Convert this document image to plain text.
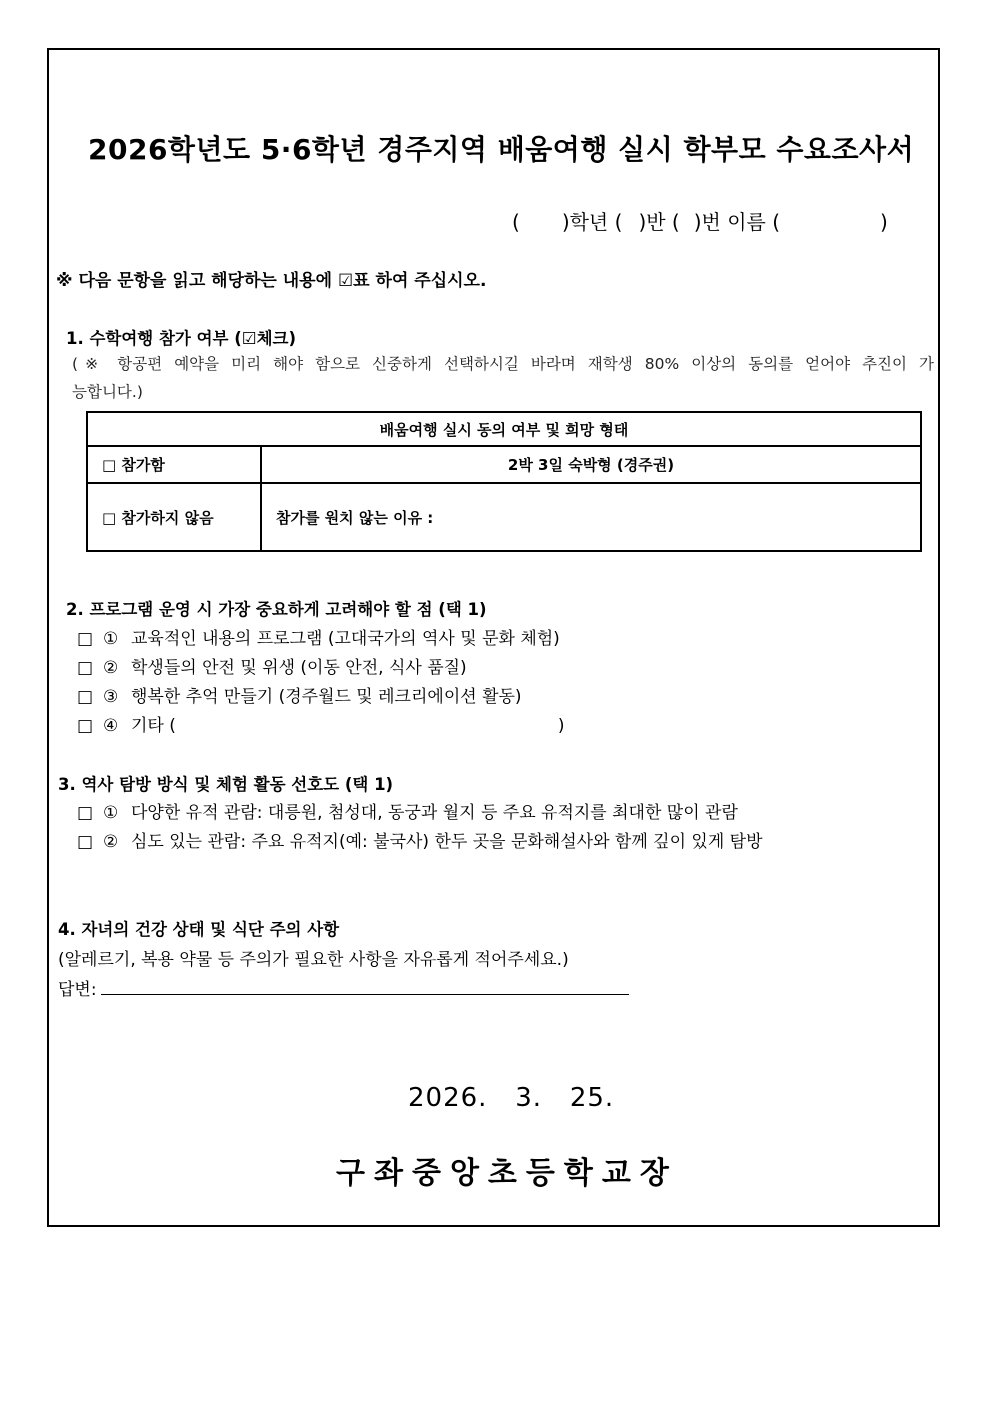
2026학년도 5·6학년 경주지역 배움여행 실시 학부모 수요조사서
( )학년 ( )반 ( )번 이름 (	)
※ 다음 문항을 읽고 해당하는 내용에 ☑표 하여 주십시오.
1. 수학여행 참가 여부 (☑체크)
(※ 항공편 예약을 미리 해야 함으로 신중하게 선택하시길 바라며 재학생 80% 이상의 동의를 얻어야 추진이 가
능합니다.)
배움여행 실시 동의 여부 및 희망 형태	
□ 참가함	2박 3일 숙박형 (경주권)
□ 참가하지 않음	참가를 원치 않는 이유 :
2. 프로그램 운영 시 가장 중요하게 고려해야 할 점 (택 1)
□ ① 교육적인 내용의 프로그램 (고대국가의 역사 및 문화 체험)
□ ② 학생들의 안전 및 위생 (이동 안전, 식사 품질)
□ ③ 행복한 추억 만들기 (경주월드 및 레크리에이션 활동)
□ ④ 기타 (	)
3. 역사 탐방 방식 및 체험 활동 선호도 (택 1)
□ ① 다양한 유적 관람: 대릉원, 첨성대, 동궁과 월지 등 주요 유적지를 최대한 많이 관람
□ ② 심도 있는 관람: 주요 유적지(예: 불국사) 한두 곳을 문화해설사와 함께 깊이 있게 탐방
4. 자녀의 건강 상태 및 식단 주의 사항
(알레르기, 복용 약물 등 주의가 필요한 사항을 자유롭게 적어주세요.)
답변:
2026.   3.   25.
구좌중앙초등학교장
